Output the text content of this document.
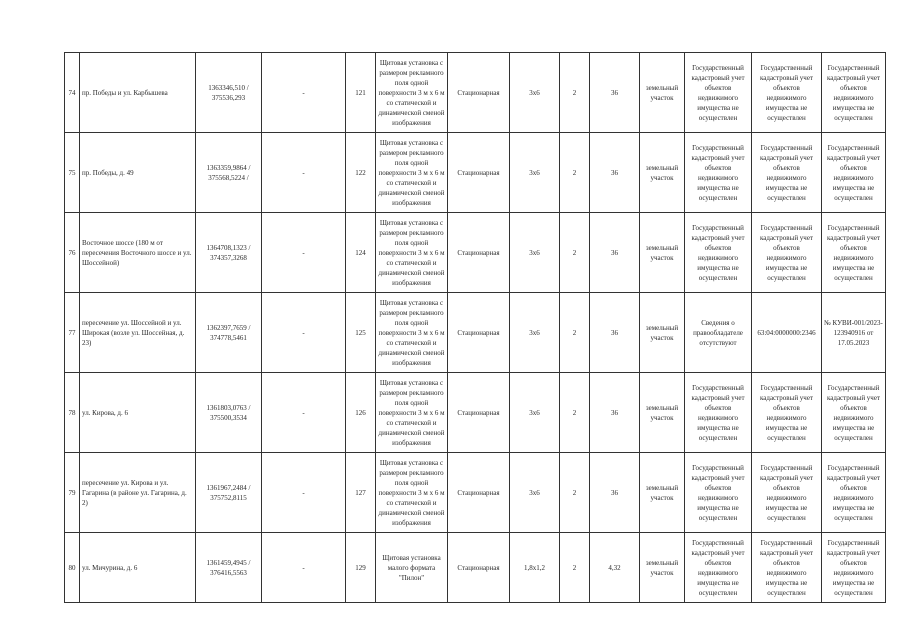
74	пр. Победы и ул. Карбышева	1363346,510 / 375536,293	-	121	Щитовая установка с размером рекламного поля одной поверхности 3 м х 6 м со статической и динамической сменой изображения	Стационарная	3х6	2	36	земельный участок	Государственный кадастровый учет объектов недвижимого имущества не осуществлен	Государственный кадастровый учет объектов недвижимого имущества не осуществлен	Государственный кадастровый учет объектов недвижимого имущества не осуществлен
75	пр. Победы, д. 49	1363359,9864 / 375568,5224 /	-	122	Щитовая установка с размером рекламного поля одной поверхности 3 м х 6 м со статической и динамической сменой изображения	Стационарная	3х6	2	36	земельный участок	Государственный кадастровый учет объектов недвижимого имущества не осуществлен	Государственный кадастровый учет объектов недвижимого имущества не осуществлен	Государственный кадастровый учет объектов недвижимого имущества не осуществлен
76	Восточное шоссе (180 м от пересечения Восточного шоссе и ул. Шоссейной)	1364708,1323 / 374357,3268	-	124	Щитовая установка с размером рекламного поля одной поверхности 3 м х 6 м со статической и динамической сменой изображения	Стационарная	3х6	2	36	земельный участок	Государственный кадастровый учет объектов недвижимого имущества не осуществлен	Государственный кадастровый учет объектов недвижимого имущества не осуществлен	Государственный кадастровый учет объектов недвижимого имущества не осуществлен
77	пересечение ул. Шоссейной и ул. Широкая (возле ул. Шоссейная, д. 23)	1362397,7659 / 374778,5461	-	125	Щитовая установка с размером рекламного поля одной поверхности 3 м х 6 м со статической и динамической сменой изображения	Стационарная	3х6	2	36	земельный участок	Сведения о правообладателе отсутствуют	63:04:0000000:2346	№ КУВИ-001/2023-123940916 от 17.05.2023
78	ул. Кирова, д. 6	1361803,0763 / 375500,3534	-	126	Щитовая установка с размером рекламного поля одной поверхности 3 м х 6 м со статической и динамической сменой изображения	Стационарная	3х6	2	36	земельный участок	Государственный кадастровый учет объектов недвижимого имущества не осуществлен	Государственный кадастровый учет объектов недвижимого имущества не осуществлен	Государственный кадастровый учет объектов недвижимого имущества не осуществлен
79	пересечение ул. Кирова и ул. Гагарина (в районе ул. Гагарина, д. 2)	1361967,2484 / 375752,8115	-	127	Щитовая установка с размером рекламного поля одной поверхности 3 м х 6 м со статической и динамической сменой изображения	Стационарная	3х6	2	36	земельный участок	Государственный кадастровый учет объектов недвижимого имущества не осуществлен	Государственный кадастровый учет объектов недвижимого имущества не осуществлен	Государственный кадастровый учет объектов недвижимого имущества не осуществлен
80	ул. Мичурина, д. 6	1361459,4945 / 376416,5563	-	129	Щитовая установка малого формата "Пилон"	Стационарная	1,8х1,2	2	4,32	земельный участок	Государственный кадастровый учет объектов недвижимого имущества не осуществлен	Государственный кадастровый учет объектов недвижимого имущества не осуществлен	Государственный кадастровый учет объектов недвижимого имущества не осуществлен
